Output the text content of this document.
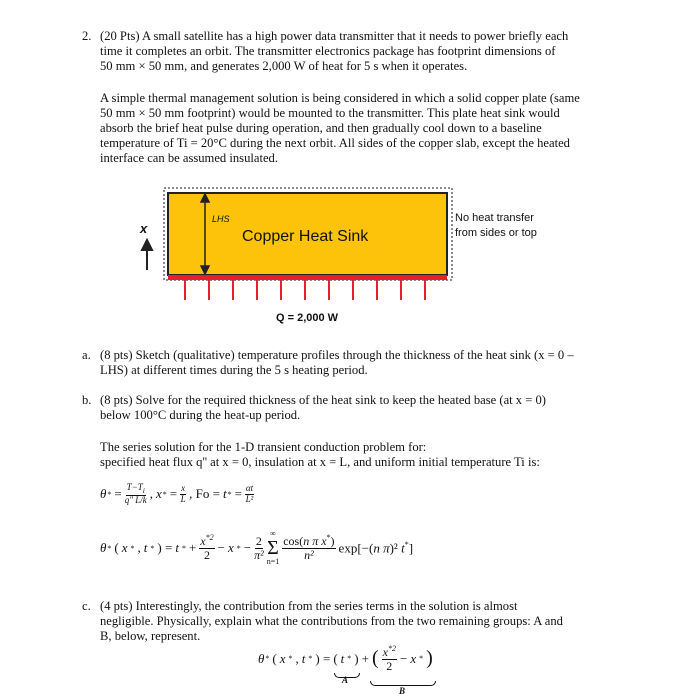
2. (20 Pts) A small satellite has a high power data transmitter that it needs to power briefly each
time it completes an orbit. The transmitter electronics package has footprint dimensions of
50 mm × 50 mm, and generates 2,000 W of heat for 5 s when it operates.
A simple thermal management solution is being considered in which a solid copper plate (same
50 mm × 50 mm footprint) would be mounted to the transmitter. This plate heat sink would
absorb the brief heat pulse during operation, and then gradually cool down to a baseline
temperature of Ti = 20°C during the next orbit. All sides of the copper slab, except the heated
interface can be assumed insulated.
x
LHS
Copper Heat Sink
No heat transfer
from sides or top
Q = 2,000 W
a. (8 pts) Sketch (qualitative) temperature profiles through the thickness of the heat sink (x = 0 –
LHS) at different times during the 5 s heating period.
b. (8 pts) Solve for the required thickness of the heat sink to keep the heated base (at x = 0)
below 100°C during the heat-up period.
The series solution for the 1-D transient conduction problem for:
specified heat flux q'' at x = 0, insulation at x = L, and uniform initial temperature Ti is:
θ * = $\frac{T-T_i}{q" L/k}$ , x * = $\frac{x}{L}$ , Fo = t * = $\frac{\alpha t}{\text{L²}}$
θ * ( x * , t * ) = t * + $\frac{x^{*2}}{2} - x$ * − $\frac{2}{\text{π²}}$
∞
Σ
$n=1 \frac{\cos(n \pi x^*)}{\text{n²}} \exp[-(n$ π)² t*]
c. (4 pts) Interestingly, the contribution from the series terms in the solution is almost
negligible. Physically, explain what the contributions from the two remaining groups: A and
B, below, represent.
θ * ( x * , t * ) = ( t * ) + ( $\frac{x^{*2}}{2} - x$ * )
A
B
